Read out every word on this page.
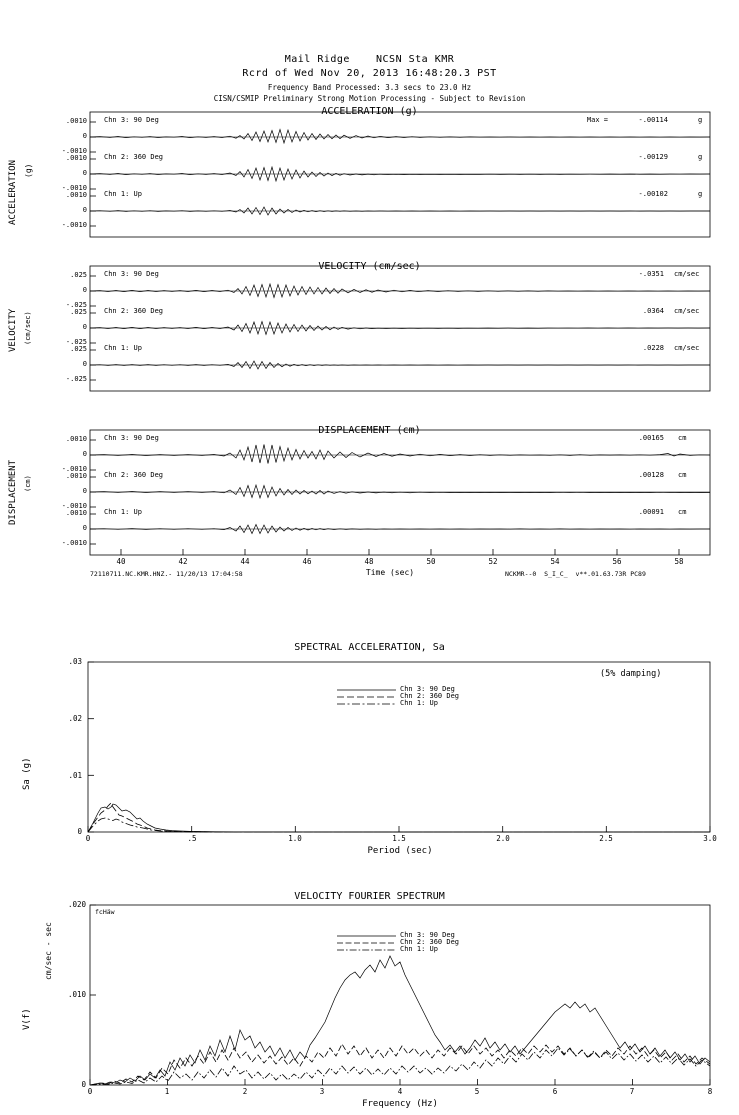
Mail Ridge    NCSN Sta KMR
Rcrd of Wed Nov 20, 2013 16:48:20.3 PST
Frequency Band Processed: 3.3 secs to 23.0 Hz
CISN/CSMIP Preliminary Strong Motion Processing - Subject to Revision
ACCELERATION (g)
ACCELERATION (g)
.0010
0
-.0010
.0010
0
-.0010
.0010
0
-.0010
Chn 3: 90 Deg
Chn 2: 360 Deg
Chn 1: Up
Max =	-.00114	g
-.00129	g
-.00102	g
VELOCITY (cm/sec)
VELOCITY (cm/sec)
.025
0
-.025
.025
0
-.025
.025
0
-.025
Chn 3: 90 Deg
Chn 2: 360 Deg
Chn 1: Up
-.0351 cm/sec
.0364 cm/sec
.0228 cm/sec
DISPLACEMENT (cm)
DISPLACEMENT (cm)
.0010
0
-.0010
.0010
0
-.0010
.0010
0
-.0010
Chn 3: 90 Deg
Chn 2: 360 Deg
Chn 1: Up
.00165 cm
.00128 cm
.00091 cm
40	42	44	46	48	50	52	54	56	58
72110711.NC.KMR.HNZ.- 11/20/13 17:04:58	Time (sec)	NCKMR--0  S_I_C_  v**.01.63.73R PC89
SPECTRAL ACCELERATION, Sa
Sa (g)
(5% damping)
Chn 3: 90 Deg
Chn 2: 360 Deg
Chn 1: Up
.03
.02
.01
0
0	.5	1.0	1.5	2.0	2.5	3.0
Period (sec)
VELOCITY FOURIER SPECTRUM
V(f)
cm/sec - sec
fcHäw
Chn 3: 90 Deg
Chn 2: 360 Deg
Chn 1: Up
.020
.010
0
0	1	2	3	4	5	6	7	8
Frequency (Hz)
